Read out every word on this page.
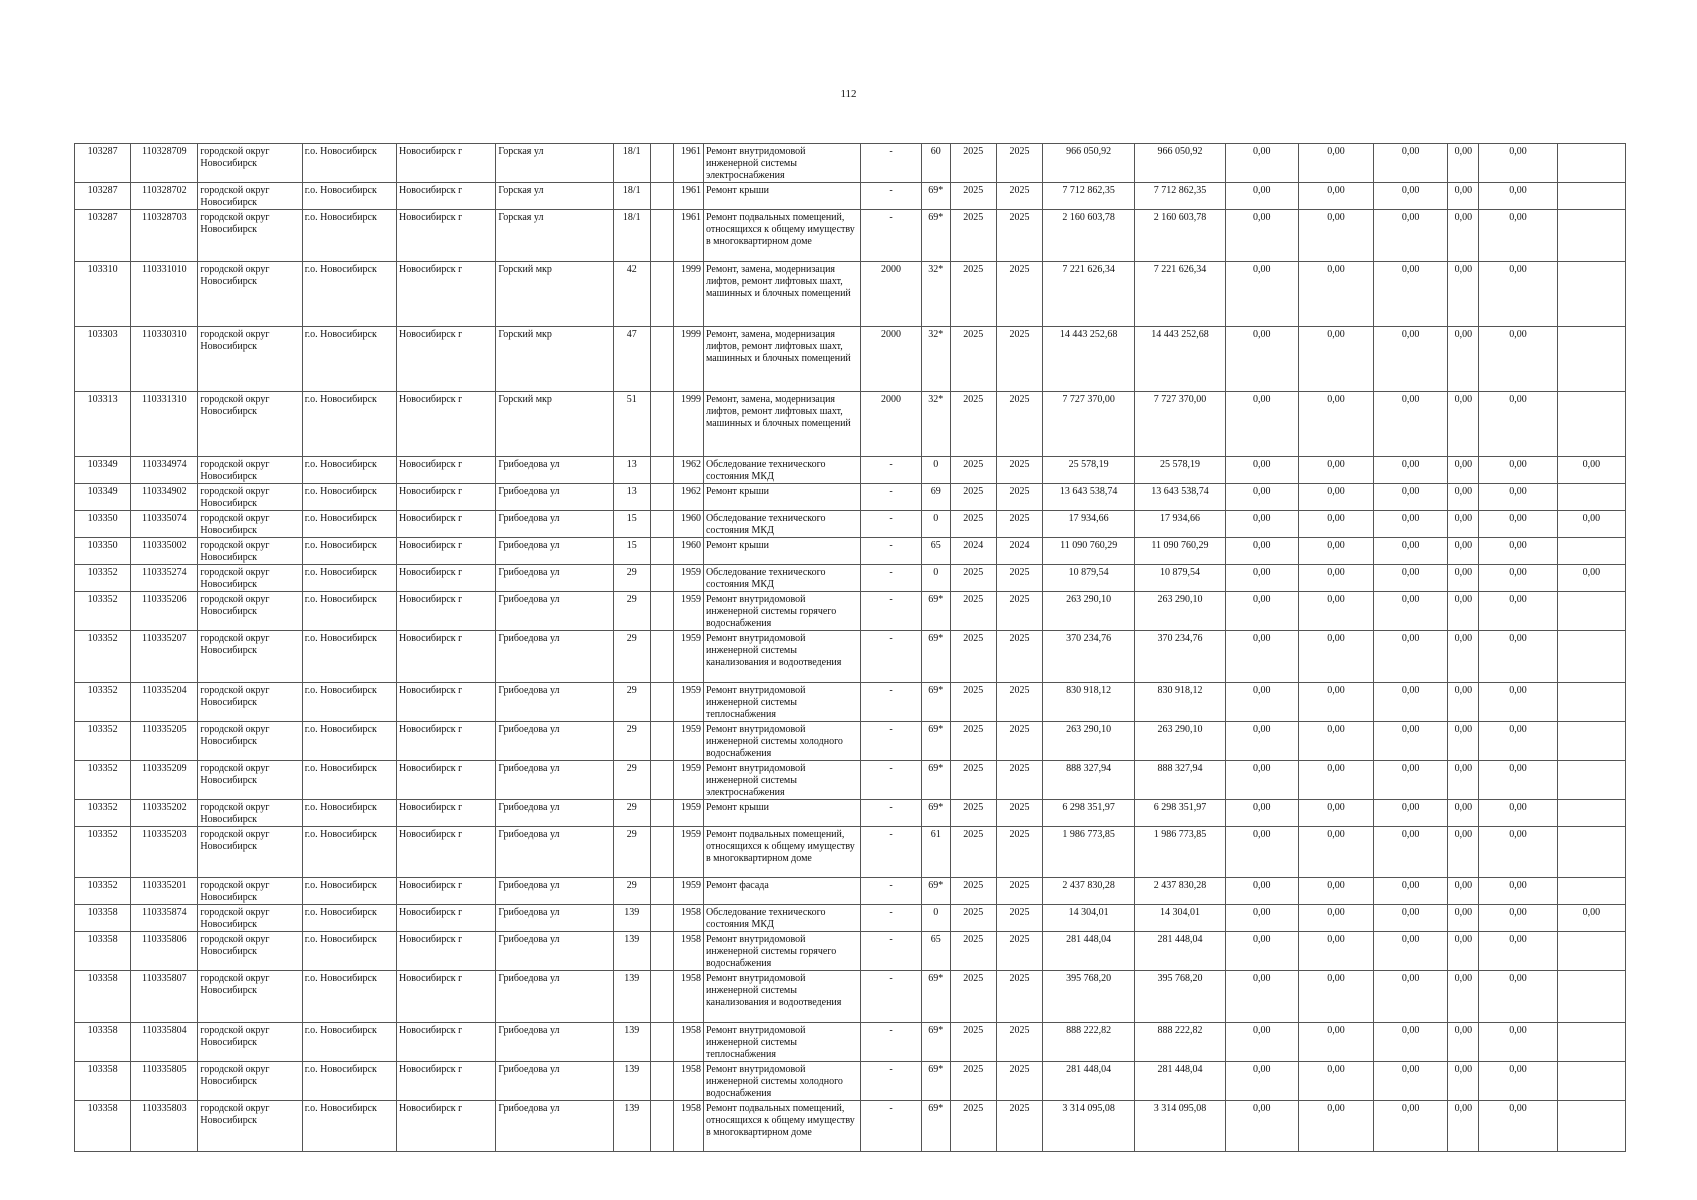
112
103287	110328709	городской округ Новосибирск	г.о. Новосибирск	Новосибирск г	Горская ул	18/1		1961	Ремонт внутридомовой инженерной системы электроснабжения	-	60	2025	2025	966 050,92	966 050,92	0,00	0,00	0,00	0,00	0,00	
103287	110328702	городской округ Новосибирск	г.о. Новосибирск	Новосибирск г	Горская ул	18/1		1961	Ремонт крыши	-	69*	2025	2025	7 712 862,35	7 712 862,35	0,00	0,00	0,00	0,00	0,00	
103287	110328703	городской округ Новосибирск	г.о. Новосибирск	Новосибирск г	Горская ул	18/1		1961	Ремонт подвальных помещений, относящихся к общему имуществу в многоквартирном доме	-	69*	2025	2025	2 160 603,78	2 160 603,78	0,00	0,00	0,00	0,00	0,00	
103310	110331010	городской округ Новосибирск	г.о. Новосибирск	Новосибирск г	Горский мкр	42		1999	Ремонт, замена, модернизация лифтов, ремонт лифтовых шахт, машинных и блочных помещений	2000	32*	2025	2025	7 221 626,34	7 221 626,34	0,00	0,00	0,00	0,00	0,00	
103303	110330310	городской округ Новосибирск	г.о. Новосибирск	Новосибирск г	Горский мкр	47		1999	Ремонт, замена, модернизация лифтов, ремонт лифтовых шахт, машинных и блочных помещений	2000	32*	2025	2025	14 443 252,68	14 443 252,68	0,00	0,00	0,00	0,00	0,00	
103313	110331310	городской округ Новосибирск	г.о. Новосибирск	Новосибирск г	Горский мкр	51		1999	Ремонт, замена, модернизация лифтов, ремонт лифтовых шахт, машинных и блочных помещений	2000	32*	2025	2025	7 727 370,00	7 727 370,00	0,00	0,00	0,00	0,00	0,00	
103349	110334974	городской округ Новосибирск	г.о. Новосибирск	Новосибирск г	Грибоедова ул	13		1962	Обследование технического состояния МКД	-	0	2025	2025	25 578,19	25 578,19	0,00	0,00	0,00	0,00	0,00	0,00
103349	110334902	городской округ Новосибирск	г.о. Новосибирск	Новосибирск г	Грибоедова ул	13		1962	Ремонт крыши	-	69	2025	2025	13 643 538,74	13 643 538,74	0,00	0,00	0,00	0,00	0,00	
103350	110335074	городской округ Новосибирск	г.о. Новосибирск	Новосибирск г	Грибоедова ул	15		1960	Обследование технического состояния МКД	-	0	2025	2025	17 934,66	17 934,66	0,00	0,00	0,00	0,00	0,00	0,00
103350	110335002	городской округ Новосибирск	г.о. Новосибирск	Новосибирск г	Грибоедова ул	15		1960	Ремонт крыши	-	65	2024	2024	11 090 760,29	11 090 760,29	0,00	0,00	0,00	0,00	0,00	
103352	110335274	городской округ Новосибирск	г.о. Новосибирск	Новосибирск г	Грибоедова ул	29		1959	Обследование технического состояния МКД	-	0	2025	2025	10 879,54	10 879,54	0,00	0,00	0,00	0,00	0,00	0,00
103352	110335206	городской округ Новосибирск	г.о. Новосибирск	Новосибирск г	Грибоедова ул	29		1959	Ремонт внутридомовой инженерной системы горячего водоснабжения	-	69*	2025	2025	263 290,10	263 290,10	0,00	0,00	0,00	0,00	0,00	
103352	110335207	городской округ Новосибирск	г.о. Новосибирск	Новосибирск г	Грибоедова ул	29		1959	Ремонт внутридомовой инженерной системы канализования и водоотведения	-	69*	2025	2025	370 234,76	370 234,76	0,00	0,00	0,00	0,00	0,00	
103352	110335204	городской округ Новосибирск	г.о. Новосибирск	Новосибирск г	Грибоедова ул	29		1959	Ремонт внутридомовой инженерной системы теплоснабжения	-	69*	2025	2025	830 918,12	830 918,12	0,00	0,00	0,00	0,00	0,00	
103352	110335205	городской округ Новосибирск	г.о. Новосибирск	Новосибирск г	Грибоедова ул	29		1959	Ремонт внутридомовой инженерной системы холодного водоснабжения	-	69*	2025	2025	263 290,10	263 290,10	0,00	0,00	0,00	0,00	0,00	
103352	110335209	городской округ Новосибирск	г.о. Новосибирск	Новосибирск г	Грибоедова ул	29		1959	Ремонт внутридомовой инженерной системы электроснабжения	-	69*	2025	2025	888 327,94	888 327,94	0,00	0,00	0,00	0,00	0,00	
103352	110335202	городской округ Новосибирск	г.о. Новосибирск	Новосибирск г	Грибоедова ул	29		1959	Ремонт крыши	-	69*	2025	2025	6 298 351,97	6 298 351,97	0,00	0,00	0,00	0,00	0,00	
103352	110335203	городской округ Новосибирск	г.о. Новосибирск	Новосибирск г	Грибоедова ул	29		1959	Ремонт подвальных помещений, относящихся к общему имуществу в многоквартирном доме	-	61	2025	2025	1 986 773,85	1 986 773,85	0,00	0,00	0,00	0,00	0,00	
103352	110335201	городской округ Новосибирск	г.о. Новосибирск	Новосибирск г	Грибоедова ул	29		1959	Ремонт фасада	-	69*	2025	2025	2 437 830,28	2 437 830,28	0,00	0,00	0,00	0,00	0,00	
103358	110335874	городской округ Новосибирск	г.о. Новосибирск	Новосибирск г	Грибоедова ул	139		1958	Обследование технического состояния МКД	-	0	2025	2025	14 304,01	14 304,01	0,00	0,00	0,00	0,00	0,00	0,00
103358	110335806	городской округ Новосибирск	г.о. Новосибирск	Новосибирск г	Грибоедова ул	139		1958	Ремонт внутридомовой инженерной системы горячего водоснабжения	-	65	2025	2025	281 448,04	281 448,04	0,00	0,00	0,00	0,00	0,00	
103358	110335807	городской округ Новосибирск	г.о. Новосибирск	Новосибирск г	Грибоедова ул	139		1958	Ремонт внутридомовой инженерной системы канализования и водоотведения	-	69*	2025	2025	395 768,20	395 768,20	0,00	0,00	0,00	0,00	0,00	
103358	110335804	городской округ Новосибирск	г.о. Новосибирск	Новосибирск г	Грибоедова ул	139		1958	Ремонт внутридомовой инженерной системы теплоснабжения	-	69*	2025	2025	888 222,82	888 222,82	0,00	0,00	0,00	0,00	0,00	
103358	110335805	городской округ Новосибирск	г.о. Новосибирск	Новосибирск г	Грибоедова ул	139		1958	Ремонт внутридомовой инженерной системы холодного водоснабжения	-	69*	2025	2025	281 448,04	281 448,04	0,00	0,00	0,00	0,00	0,00	
103358	110335803	городской округ Новосибирск	г.о. Новосибирск	Новосибирск г	Грибоедова ул	139		1958	Ремонт подвальных помещений, относящихся к общему имуществу в многоквартирном доме	-	69*	2025	2025	3 314 095,08	3 314 095,08	0,00	0,00	0,00	0,00	0,00	
